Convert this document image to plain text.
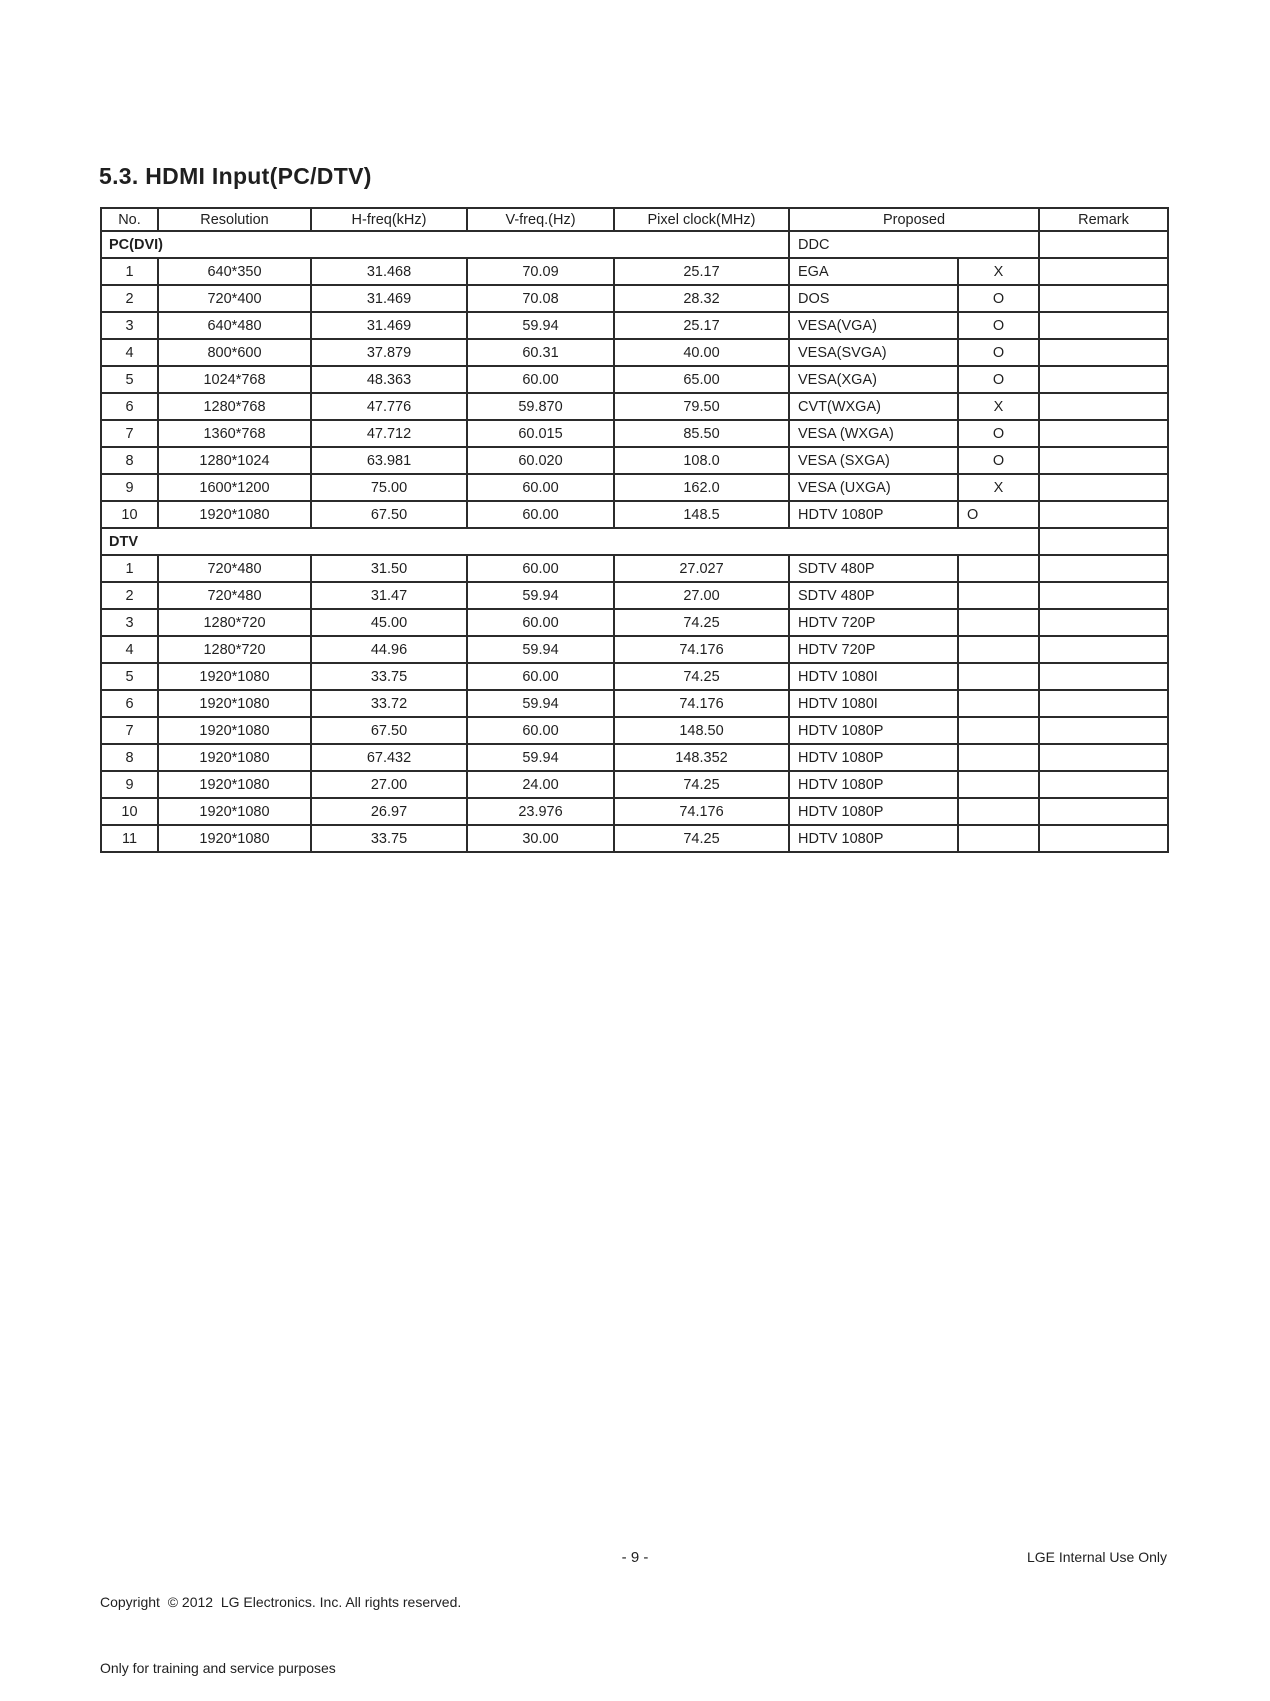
5.3. HDMI Input(PC/DTV)
No.	Resolution	H-freq(kHz)	V-freq.(Hz)	Pixel clock(MHz)	Proposed		Remark
PC(DVI)					DDC		
1	640*350	31.468	70.09	25.17	EGA	X	
2	720*400	31.469	70.08	28.32	DOS	O	
3	640*480	31.469	59.94	25.17	VESA(VGA)	O	
4	800*600	37.879	60.31	40.00	VESA(SVGA)	O	
5	1024*768	48.363	60.00	65.00	VESA(XGA)	O	
6	1280*768	47.776	59.870	79.50	CVT(WXGA)	X	
7	1360*768	47.712	60.015	85.50	VESA (WXGA)	O	
8	1280*1024	63.981	60.020	108.0	VESA (SXGA)	O	
9	1600*1200	75.00	60.00	162.0	VESA (UXGA)	X	
10	1920*1080	67.50	60.00	148.5	HDTV 1080P	O	
DTV							
1	720*480	31.50	60.00	27.027	SDTV 480P		
2	720*480	31.47	59.94	27.00	SDTV 480P		
3	1280*720	45.00	60.00	74.25	HDTV 720P		
4	1280*720	44.96	59.94	74.176	HDTV 720P		
5	1920*1080	33.75	60.00	74.25	HDTV 1080I		
6	1920*1080	33.72	59.94	74.176	HDTV 1080I		
7	1920*1080	67.50	60.00	148.50	HDTV 1080P		
8	1920*1080	67.432	59.94	148.352	HDTV 1080P		
9	1920*1080	27.00	24.00	74.25	HDTV 1080P		
10	1920*1080	26.97	23.976	74.176	HDTV 1080P		
11	1920*1080	33.75	30.00	74.25	HDTV 1080P		

Copyright  © 2012  LG Electronics. Inc. All rights reserved.

Only for training and service purposes

- 9 -	LGE Internal Use Only
